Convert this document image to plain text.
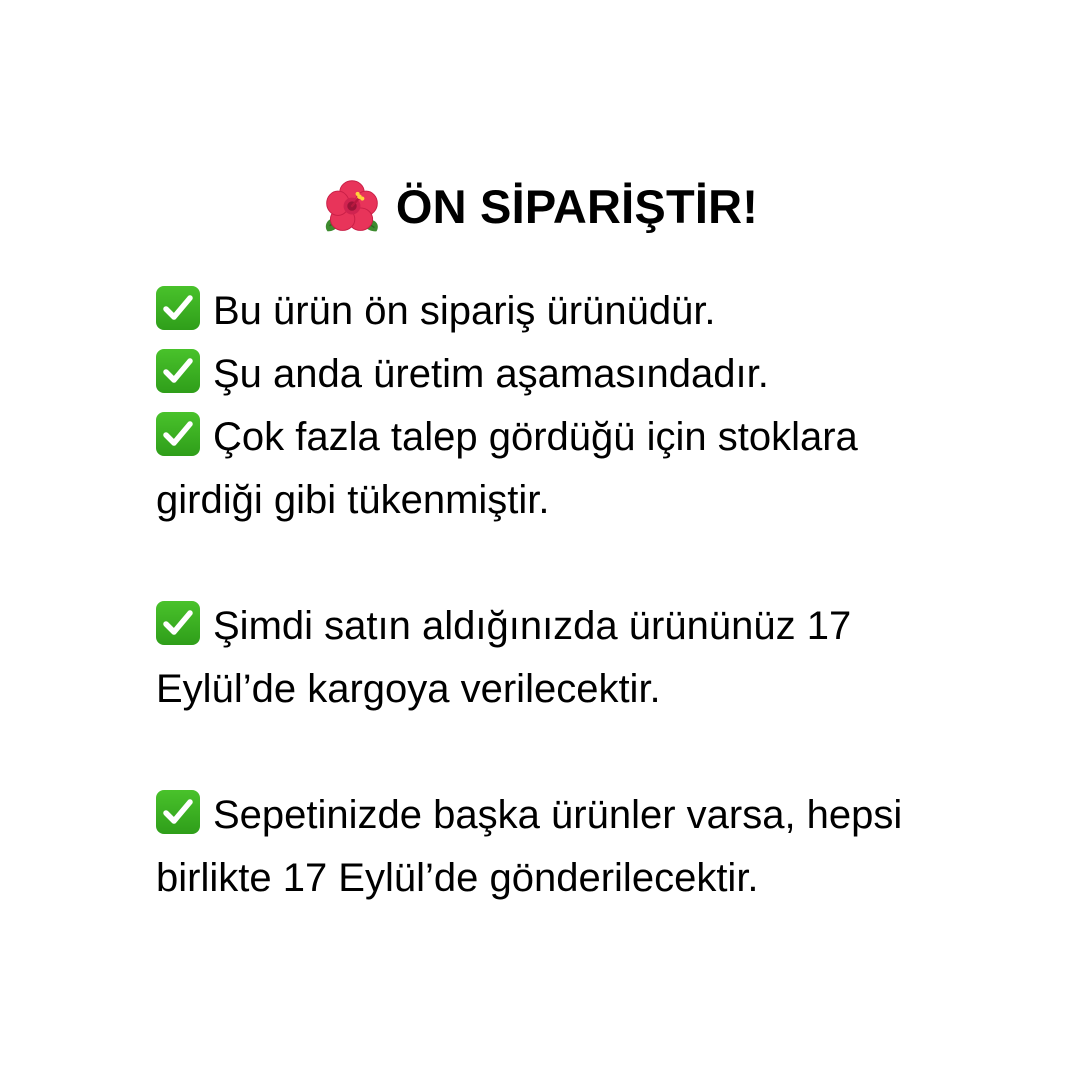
ÖN SİPARİŞTİR!

Bu ürün ön sipariş ürünüdür.

Şu anda üretim aşamasındadır.

Çok fazla talep gördüğü için stoklara girdiği gibi tükenmiştir.

Şimdi satın aldığınızda ürününüz 17 Eylül’de kargoya verilecektir.

Sepetinizde başka ürünler varsa, hepsi birlikte 17 Eylül’de gönderilecektir.
